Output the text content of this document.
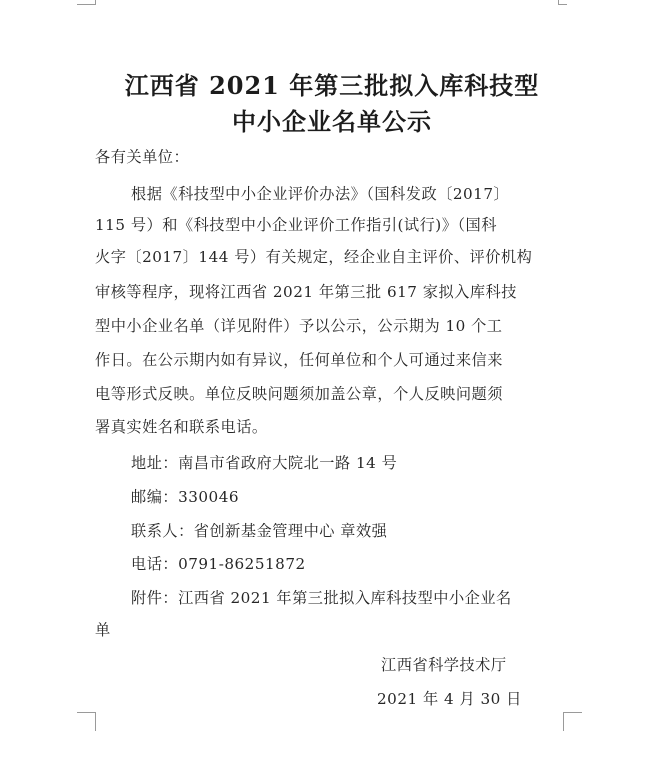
江西省 2021 年第三批拟入库科技型
中小企业名单公示
各有关单位：
根据《科技型中小企业评价办法》（国科发政〔2017〕
115 号）和《科技型中小企业评价工作指引(试行)》（国科
火字〔2017〕144 号）有关规定，经企业自主评价、评价机构
审核等程序，现将江西省 2021 年第三批 617 家拟入库科技
型中小企业名单（详见附件）予以公示，公示期为 10 个工
作日。在公示期内如有异议，任何单位和个人可通过来信来
电等形式反映。单位反映问题须加盖公章，个人反映问题须
署真实姓名和联系电话。
地址：南昌市省政府大院北一路 14 号
邮编：330046
联系人：省创新基金管理中心 章效强
电话：0791-86251872
附件：江西省 2021 年第三批拟入库科技型中小企业名
单
江西省科学技术厅
2021 年 4 月 30 日
